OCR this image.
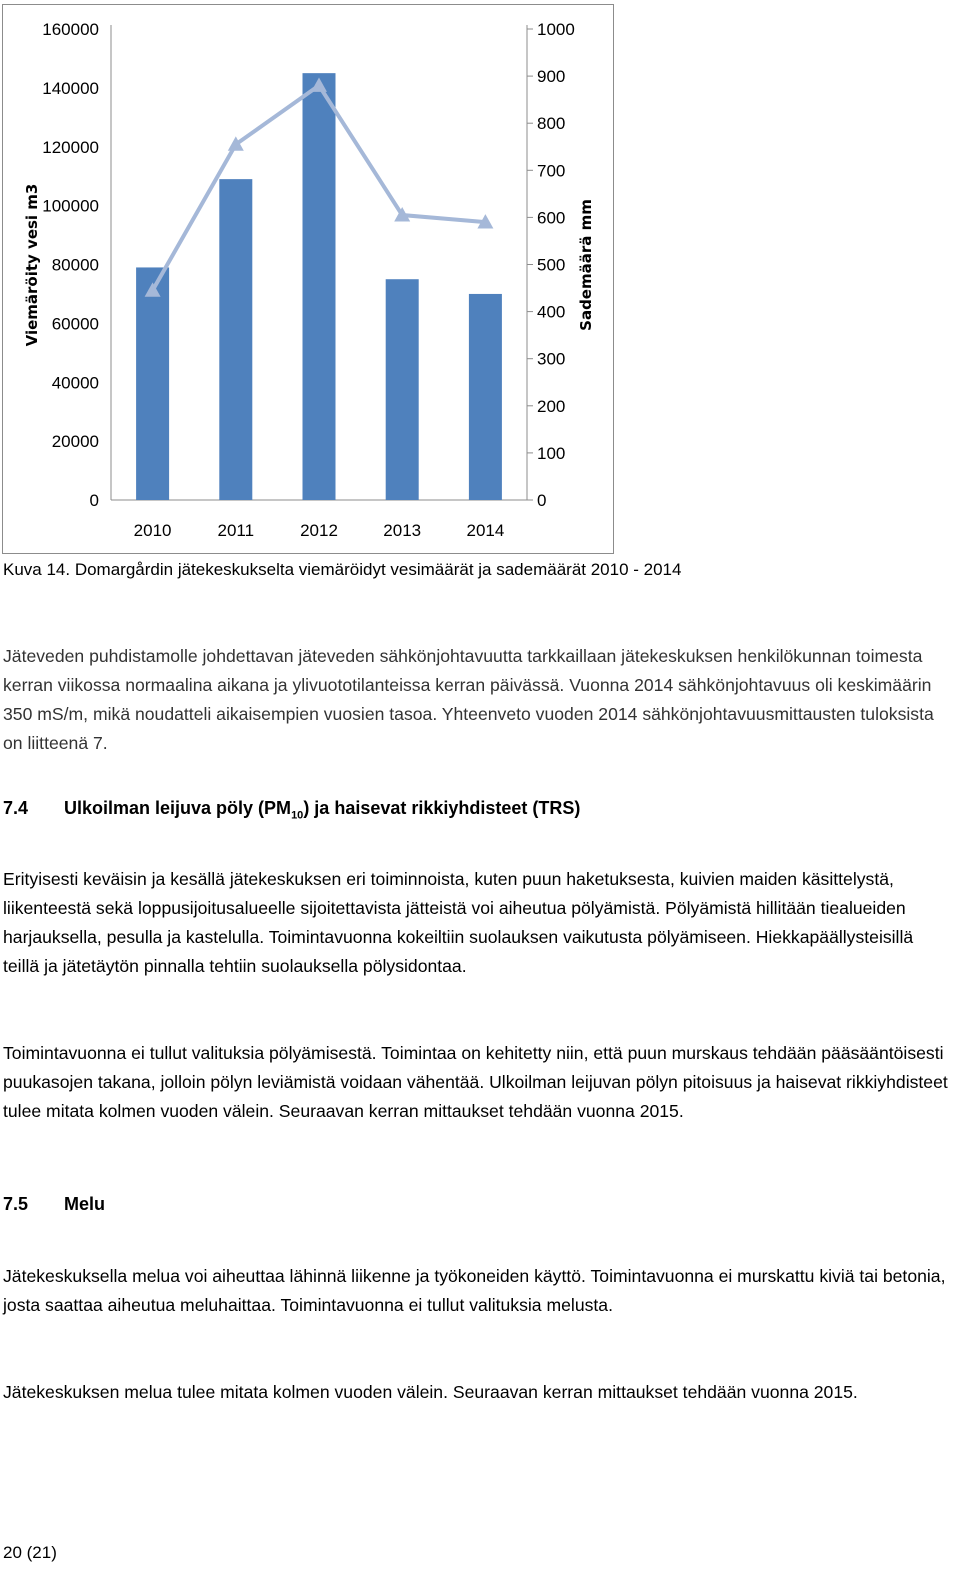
0
20000
40000
60000
80000
100000
120000
140000
160000
0
100
200
300
400
500
600
700
800
900
1000
2010	2011	2012	2013	2014
Viemäröity vesi m3	Sademäärä mm
Kuva 14. Domargårdin jätekeskukselta viemäröidyt vesimäärät ja sademäärät 2010 - 2014

Jäteveden puhdistamolle johdettavan jäteveden sähkönjohtavuutta tarkkaillaan jätekeskuksen henkilökunnan toimesta kerran viikossa normaalina aikana ja ylivuototilanteissa kerran päivässä. Vuonna 2014 sähkönjohtavuus oli keskimäärin 350 mS/m, mikä noudatteli aikaisempien vuosien tasoa. Yhteenveto vuoden 2014 sähkönjohtavuusmittausten tuloksista on liitteenä 7.

7.4 Ulkoilman leijuva pöly $(PM_{10})$ ja haisevat rikkiyhdisteet (TRS)

Erityisesti keväisin ja kesällä jätekeskuksen eri toiminnoista, kuten puun haketuksesta, kuivien maiden käsittelystä, liikenteestä sekä loppusijoitusalueelle sijoitettavista jätteistä voi aiheutua pölyämistä. Pölyämistä hillitään tiealueiden harjauksella, pesulla ja kastelulla. Toimintavuonna kokeiltiin suolauksen vaikutusta pölyämiseen. Hiekkapäällysteisillä teillä ja jätetäytön pinnalla tehtiin suolauksella pölysidontaa.

Toimintavuonna ei tullut valituksia pölyämisestä. Toimintaa on kehitetty niin, että puun murskaus tehdään pääsääntöisesti puukasojen takana, jolloin pölyn leviämistä voidaan vähentää. Ulkoilman leijuvan pölyn pitoisuus ja haisevat rikkiyhdisteet tulee mitata kolmen vuoden välein. Seuraavan kerran mittaukset tehdään vuonna 2015.

7.5 Melu

Jätekeskuksella melua voi aiheuttaa lähinnä liikenne ja työkoneiden käyttö. Toimintavuonna ei murskattu kiviä tai betonia, josta saattaa aiheutua meluhaittaa. Toimintavuonna ei tullut valituksia melusta.

Jätekeskuksen melua tulee mitata kolmen vuoden välein. Seuraavan kerran mittaukset tehdään vuonna 2015.

20 (21)
